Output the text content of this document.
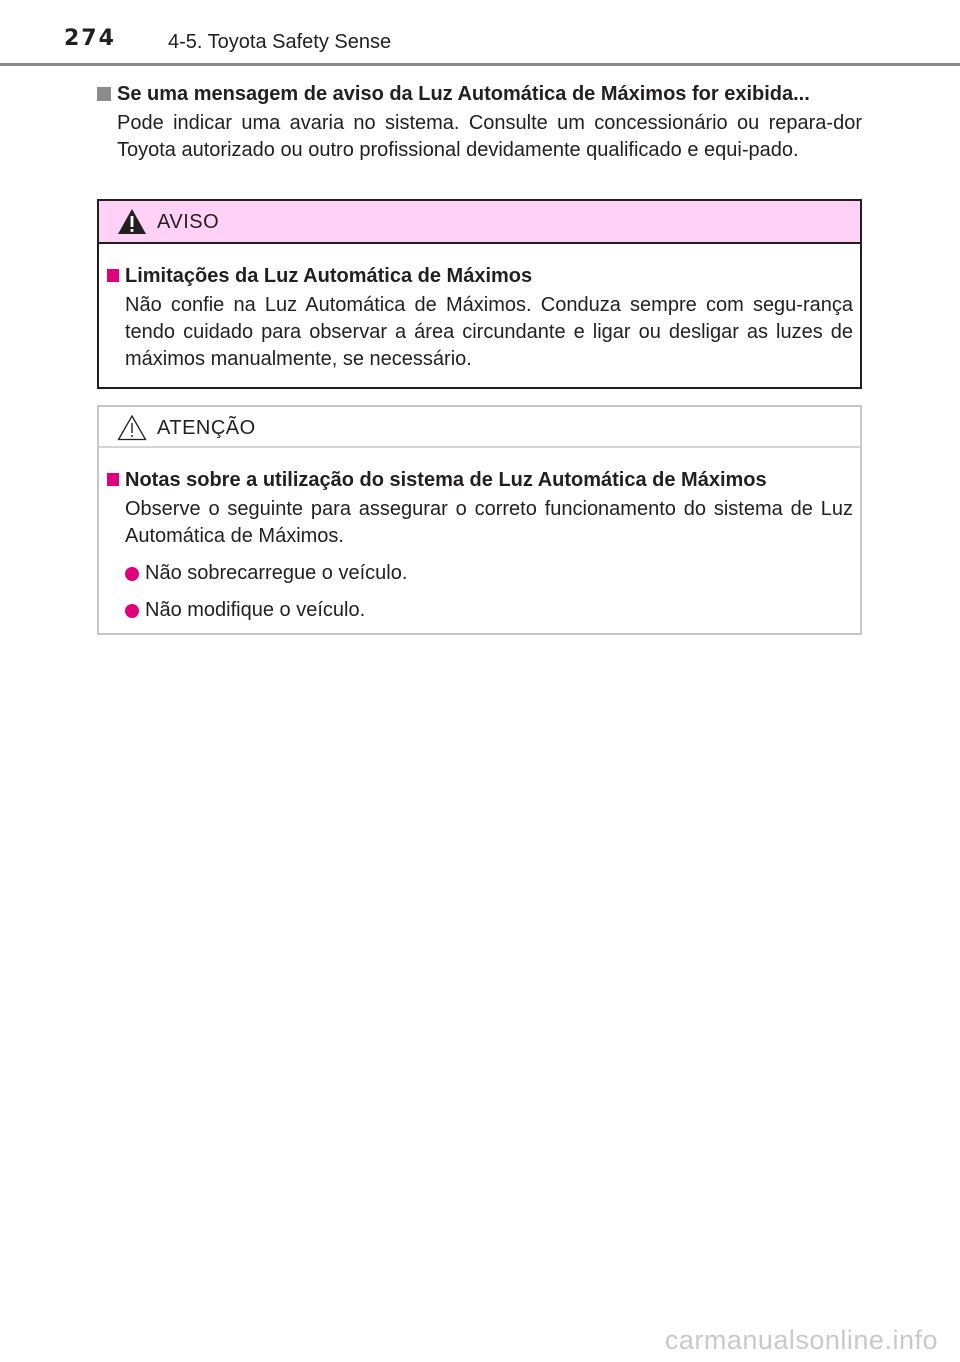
274	4-5. Toyota Safety Sense
Se uma mensagem de aviso da Luz Automática de Máximos for exibida...
Pode indicar uma avaria no sistema. Consulte um concessionário ou repara-dor Toyota autorizado ou outro profissional devidamente qualificado e equi-pado.
AVISO
Limitações da Luz Automática de Máximos
Não confie na Luz Automática de Máximos. Conduza sempre com segu-rança tendo cuidado para observar a área circundante e ligar ou desligar as luzes de máximos manualmente, se necessário.
ATENÇÃO
Notas sobre a utilização do sistema de Luz Automática de Máximos
Observe o seguinte para assegurar o correto funcionamento do sistema de Luz Automática de Máximos.
Não sobrecarregue o veículo.
Não modifique o veículo.
carmanualsonline.info
